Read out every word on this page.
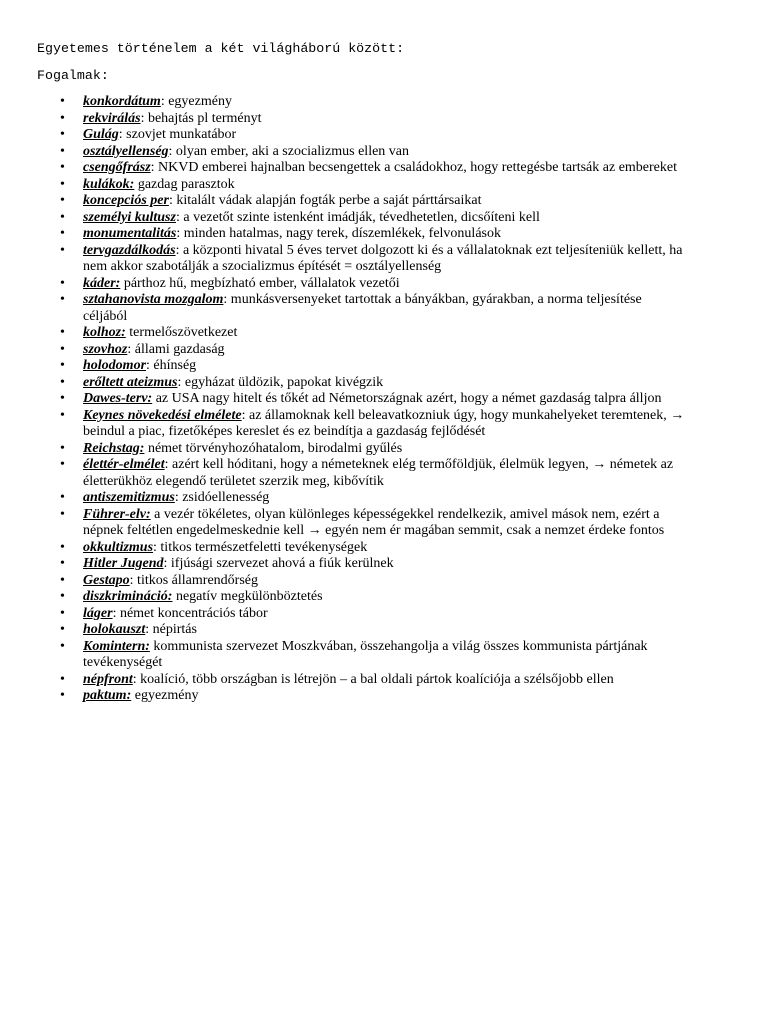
Egyetemes történelem a két világháború között:
Fogalmak:
•	konkordátum: egyezmény
•	rekvirálás: behajtás pl terményt
•	Gulág: szovjet munkatábor
•	osztályellenség: olyan ember, aki a szocializmus ellen van
•	csengőfrász: NKVD emberei hajnalban becsengettek a családokhoz, hogy rettegésbe tartsák az embereket
•	kulákok: gazdag parasztok
•	koncepciós per: kitalált vádak alapján fogták perbe a saját párttársaikat
•	személyi kultusz: a vezetőt szinte istenként imádják, tévedhetetlen, dicsőíteni kell
•	monumentalitás: minden hatalmas, nagy terek, díszemlékek, felvonulások
•	tervgazdálkodás: a központi hivatal 5 éves tervet dolgozott ki és a vállalatoknak ezt teljesíteniük kellett, ha nem akkor szabotálják a szocializmus építését = osztályellenség
•	káder: párthoz hű, megbízható ember, vállalatok vezetői
•	sztahanovista mozgalom: munkásversenyeket tartottak a bányákban, gyárakban, a norma teljesítése céljából
•	kolhoz: termelőszövetkezet
•	szovhoz: állami gazdaság
•	holodomor: éhínség
•	erőltett ateizmus: egyházat üldözik, papokat kivégzik
•	Dawes-terv: az USA nagy hitelt és tőkét ad Németországnak azért, hogy a német gazdaság talpra álljon
•	Keynes növekedési elmélete: az államoknak kell beleavatkozniuk úgy, hogy munkahelyeket teremtenek, → beindul a piac, fizetőképes kereslet és ez beindítja a gazdaság fejlődését
•	Reichstag: német törvényhozóhatalom, birodalmi gyűlés
•	élettér-elmélet: azért kell hóditani, hogy a németeknek elég termőföldjük, élelmük legyen, → németek az életterükhöz elegendő területet szerzik meg, kibővítik
•	antiszemitizmus: zsidóellenesség
•	Führer-elv: a vezér tökéletes, olyan különleges képességekkel rendelkezik, amivel mások nem, ezért a népnek feltétlen engedelmeskednie kell → egyén nem ér magában semmit, csak a nemzet érdeke fontos
•	okkultizmus: titkos természetfeletti tevékenységek
•	Hitler Jugend: ifjúsági szervezet ahová a fiúk kerülnek
•	Gestapo: titkos államrendőrség
•	diszkrimináció: negatív megkülönböztetés
•	láger: német koncentrációs tábor
•	holokauszt: népirtás
•	Komintern: kommunista szervezet Moszkvában, összehangolja a világ összes kommunista pártjának tevékenységét
•	népfront: koalíció, több országban is létrejön – a bal oldali pártok koalíciója a szélsőjobb ellen
•	paktum: egyezmény
